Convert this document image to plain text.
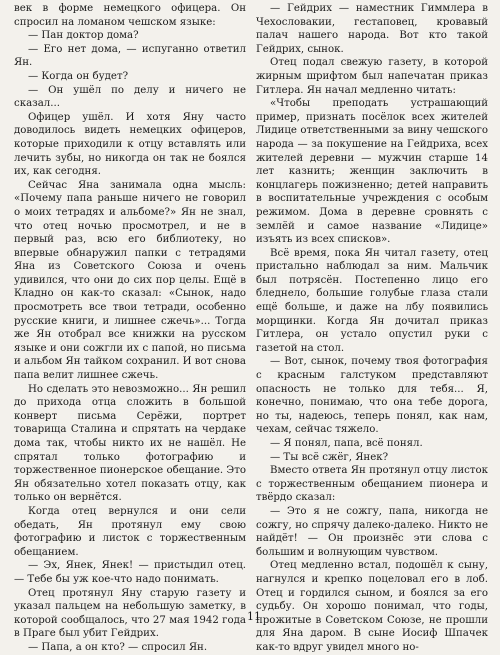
век в форме немецкого офицера. Он спросил на ломаном чешском языке:

— Пан доктор дома?

— Его нет дома, — испуганно ответил Ян.

— Когда он будет?

— Он ушёл по делу и ничего не сказал...

Офицер ушёл. И хотя Яну часто доводилось видеть немецких офицеров, которые приходили к отцу вставлять или лечить зубы, но никогда он так не боялся их, как сегодня.

Сейчас Яна занимала одна мысль: «Почему папа раньше ничего не говорил о моих тетрадях и альбоме?» Ян не знал, что отец ночью просмотрел, и не в первый раз, всю его библиотеку, но впервые обнаружил папки с тетрадями Яна из Советского Союза и очень удивился, что они до сих пор целы. Ещё в Кладно он как-то сказал: «Сынок, надо просмотреть все твои тетради, особенно русские книги, и лишнее сжечь»... Тогда же Ян отобрал все книжки на русском языке и они сожгли их с папой, но письма и альбом Ян тайком сохранил. И вот снова папа велит лишнее сжечь.

Но сделать это невозможно... Ян решил до прихода отца сложить в большой конверт письма Серёжи, портрет товарища Сталина и спрятать на чердаке дома так, чтобы никто их не нашёл. Не спрятал только фотографию и торжественное пионерское обещание. Это Ян обязательно хотел показать отцу, как только он вернётся.

Когда отец вернулся и они сели обедать, Ян протянул ему свою фотографию и листок с торжественным обещанием.

— Эх, Янек, Янек! — пристыдил отец. — Тебе бы уж кое-что надо понимать.

Отец протянул Яну старую газету и указал пальцем на небольшую заметку, в которой сообщалось, что 27 мая 1942 года в Праге был убит Гейдрих.

— Папа, а он кто? — спросил Ян.

— Гейдрих — наместник Гиммлера в Чехословакии, гестаповец, кровавый палач нашего народа. Вот кто такой Гейдрих, сынок.

Отец подал свежую газету, в которой жирным шрифтом был напечатан приказ Гитлера. Ян начал медленно читать:

«Чтобы преподать устрашающий пример, признать посёлок всех жителей Лидице ответственными за вину чешского народа — за покушение на Гейдриха, всех жителей деревни — мужчин старше 14 лет казнить; женщин заключить в концлагерь пожизненно; детей направить в воспитательные учреждения с особым режимом. Дома в деревне сровнять с землёй и самое название «Лидице» изъять из всех списков».

Всё время, пока Ян читал газету, отец пристально наблюдал за ним. Мальчик был потрясён. Постепенно лицо его бледнело, большие голубые глаза стали ещё больше, и даже на лбу появились морщинки. Когда Ян дочитал приказ Гитлера, он устало опустил руки с газетой на стол.

— Вот, сынок, почему твоя фотография с красным галстуком представляют опасность не только для тебя... Я, конечно, понимаю, что она тебе дорога, но ты, надеюсь, теперь понял, как нам, чехам, сейчас тяжело.

— Я понял, папа, всё понял.

— Ты всё сжёг, Янек?

Вместо ответа Ян протянул отцу листок с торжественным обещанием пионера и твёрдо сказал:

— Это я не сожгу, папа, никогда не сожгу, но спрячу далеко-далеко. Никто не найдёт! — Он произнёс эти слова с большим и волнующим чувством.

Отец медленно встал, подошёл к сыну, нагнулся и крепко поцеловал его в лоб. Отец и гордился сыном, и боялся за его судьбу. Он хорошо понимал, что годы, прожитые в Советском Союзе, не прошли для Яна даром. В сыне Иосиф Шпачек как-то вдруг увидел много но-

11
